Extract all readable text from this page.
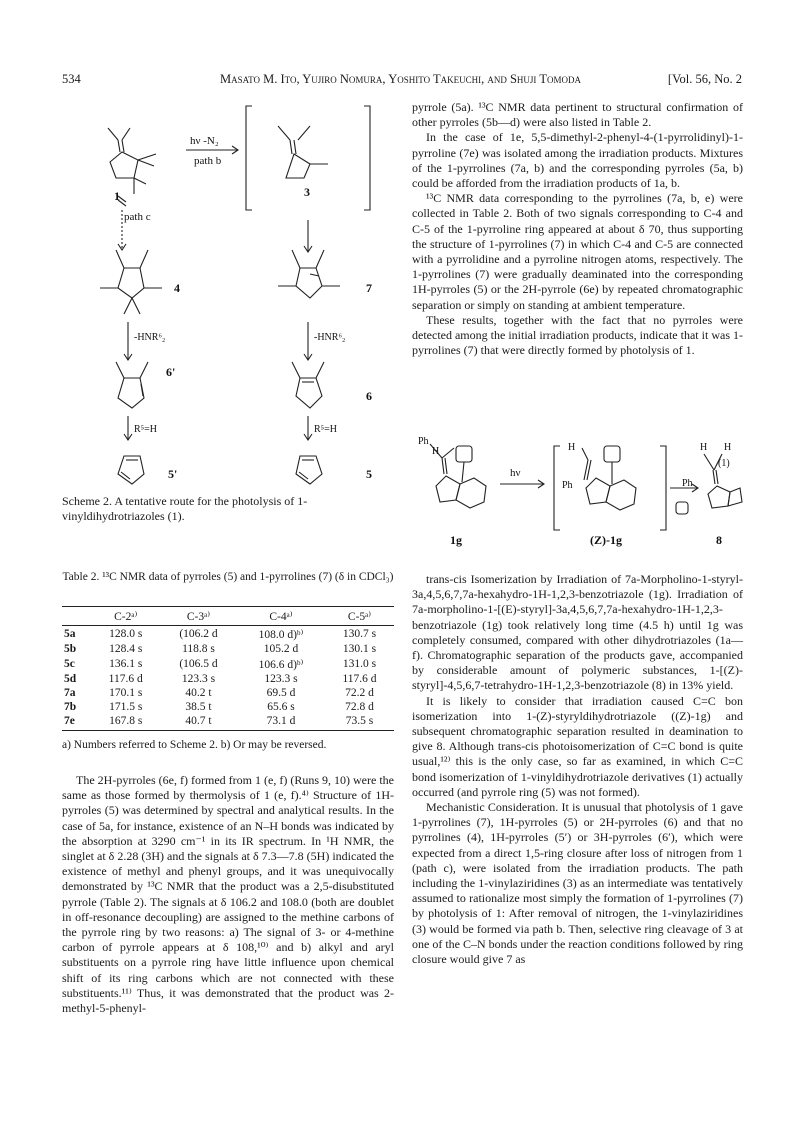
534	Masato M. Ito, Yujiro Nomura, Yoshito Takeuchi, and Shuji Tomoda	[Vol. 56, No. 2
path c
hν -N₂
path b
1	3
4	7
-HNR⁶₂	-HNR⁶₂
6'
6
R⁵=H	R⁵=H
5'	5
Scheme 2. A tentative route for the photolysis of 1-vinyldihydrotriazoles (1).
Table 2. ¹³C NMR data of pyrroles (5) and 1-pyrrolines (7) (δ in CDCl₃)
	C-2ᵃ⁾	C-3ᵃ⁾	C-4ᵃ⁾	C-5ᵃ⁾
5a	128.0 s	(106.2 d	108.0 d)ᵇ⁾	130.7 s
5b	128.4 s	118.8 s	105.2 d	130.1 s
5c	136.1 s	(106.5 d	106.6 d)ᵇ⁾	131.0 s
5d	117.6 d	123.3 s	123.3 s	117.6 d
7a	170.1 s	40.2 t	69.5 d	72.2 d
7b	171.5 s	38.5 t	65.6 s	72.8 d
7e	167.8 s	40.7 t	73.1 d	73.5 s
a) Numbers referred to Scheme 2. b) Or may be reversed.

The 2H-pyrroles (6e, f) formed from 1 (e, f) (Runs 9, 10) were the same as those formed by thermolysis of 1 (e, f).⁴⁾ Structure of 1H-pyrroles (5) was determined by spectral and analytical results. In the case of 5a, for instance, existence of an N–H bonds was indicated by the absorption at 3290 cm⁻¹ in its IR spectrum. In ¹H NMR, the singlet at δ 2.28 (3H) and the signals at δ 7.3—7.8 (5H) indicated the existence of methyl and phenyl groups, and it was unequivocally demonstrated by ¹³C NMR that the product was a 2,5-disubstituted pyrrole (Table 2). The signals at δ 106.2 and 108.0 (both are doublet in off-resonance decoupling) are assigned to the methine carbons of the pyrrole ring by two reasons: a) The signal of 3- or 4-methine carbon of pyrrole appears at δ 108,¹⁰⁾ and b) alkyl and aryl substituents on a pyrrole ring have little influence upon chemical shift of its ring carbons which are not connected with these substituents.¹¹⁾ Thus, it was demonstrated that the product was 2-methyl-5-phenyl-

pyrrole (5a). ¹³C NMR data pertinent to structural confirmation of other pyrroles (5b—d) were also listed in Table 2.

In the case of 1e, 5,5-dimethyl-2-phenyl-4-(1-pyrrolidinyl)-1-pyrroline (7e) was isolated among the irradiation products. Mixtures of the 1-pyrrolines (7a, b) and the corresponding pyrroles (5a, b) could be afforded from the irradiation products of 1a, b.

¹³C NMR data corresponding to the pyrrolines (7a, b, e) were collected in Table 2. Both of two signals corresponding to C-4 and C-5 of the 1-pyrroline ring appeared at about δ 70, thus supporting the structure of 1-pyrrolines (7) in which C-4 and C-5 are connected with a pyrrolidine and a pyrroline nitrogen atoms, respectively. The 1-pyrrolines (7) were gradually deaminated into the corresponding 1H-pyrroles (5) or the 2H-pyrrole (6e) by repeated chromatographic separation or simply on standing at ambient temperature.

These results, together with the fact that no pyrroles were detected among the initial irradiation products, indicate that it was 1-pyrrolines (7) that were directly formed by photolysis of 1.

Ph
H
hν
H
Ph	Ph
H H
(1)
1g	(Z)-1g	8

trans-cis Isomerization by Irradiation of 7a-Morpholino-1-styryl-3a,4,5,6,7,7a-hexahydro-1H-1,2,3-benzotriazole (1g). Irradiation of 7a-morpholino-1-[(E)-styryl]-3a,4,5,6,7,7a-hexahydro-1H-1,2,3-benzotriazole (1g) took relatively long time (4.5 h) until 1g was completely consumed, compared with other dihydrotriazoles (1a—f). Chromatographic separation of the products gave, accompanied by considerable amount of polymeric substances, 1-[(Z)-styryl]-4,5,6,7-tetrahydro-1H-1,2,3-benzotriazole (8) in 13% yield.

It is likely to consider that irradiation caused C=C bon isomerization into 1-(Z)-styryldihydrotriazole ((Z)-1g) and subsequent chromatographic separation resulted in deamination to give 8. Although trans-cis photoisomerization of C=C bond is quite usual,¹²⁾ this is the only case, so far as examined, in which C=C bond isomerization of 1-vinyldihydrotriazole derivatives (1) actually occurred (and pyrrole ring (5) was not formed).

Mechanistic Consideration. It is unusual that photolysis of 1 gave 1-pyrrolines (7), 1H-pyrroles (5) or 2H-pyrroles (6) and that no pyrrolines (4), 1H-pyrroles (5′) or 3H-pyrroles (6′), which were expected from a direct 1,5-ring closure after loss of nitrogen from 1 (path c), were isolated from the irradiation products. The path including the 1-vinylaziridines (3) as an intermediate was tentatively assumed to rationalize most simply the formation of 1-pyrrolines (7) by photolysis of 1: After removal of nitrogen, the 1-vinylaziridines (3) would be formed via path b. Then, selective ring cleavage of 3 at one of the C–N bonds under the reaction conditions followed by ring closure would give 7 as
